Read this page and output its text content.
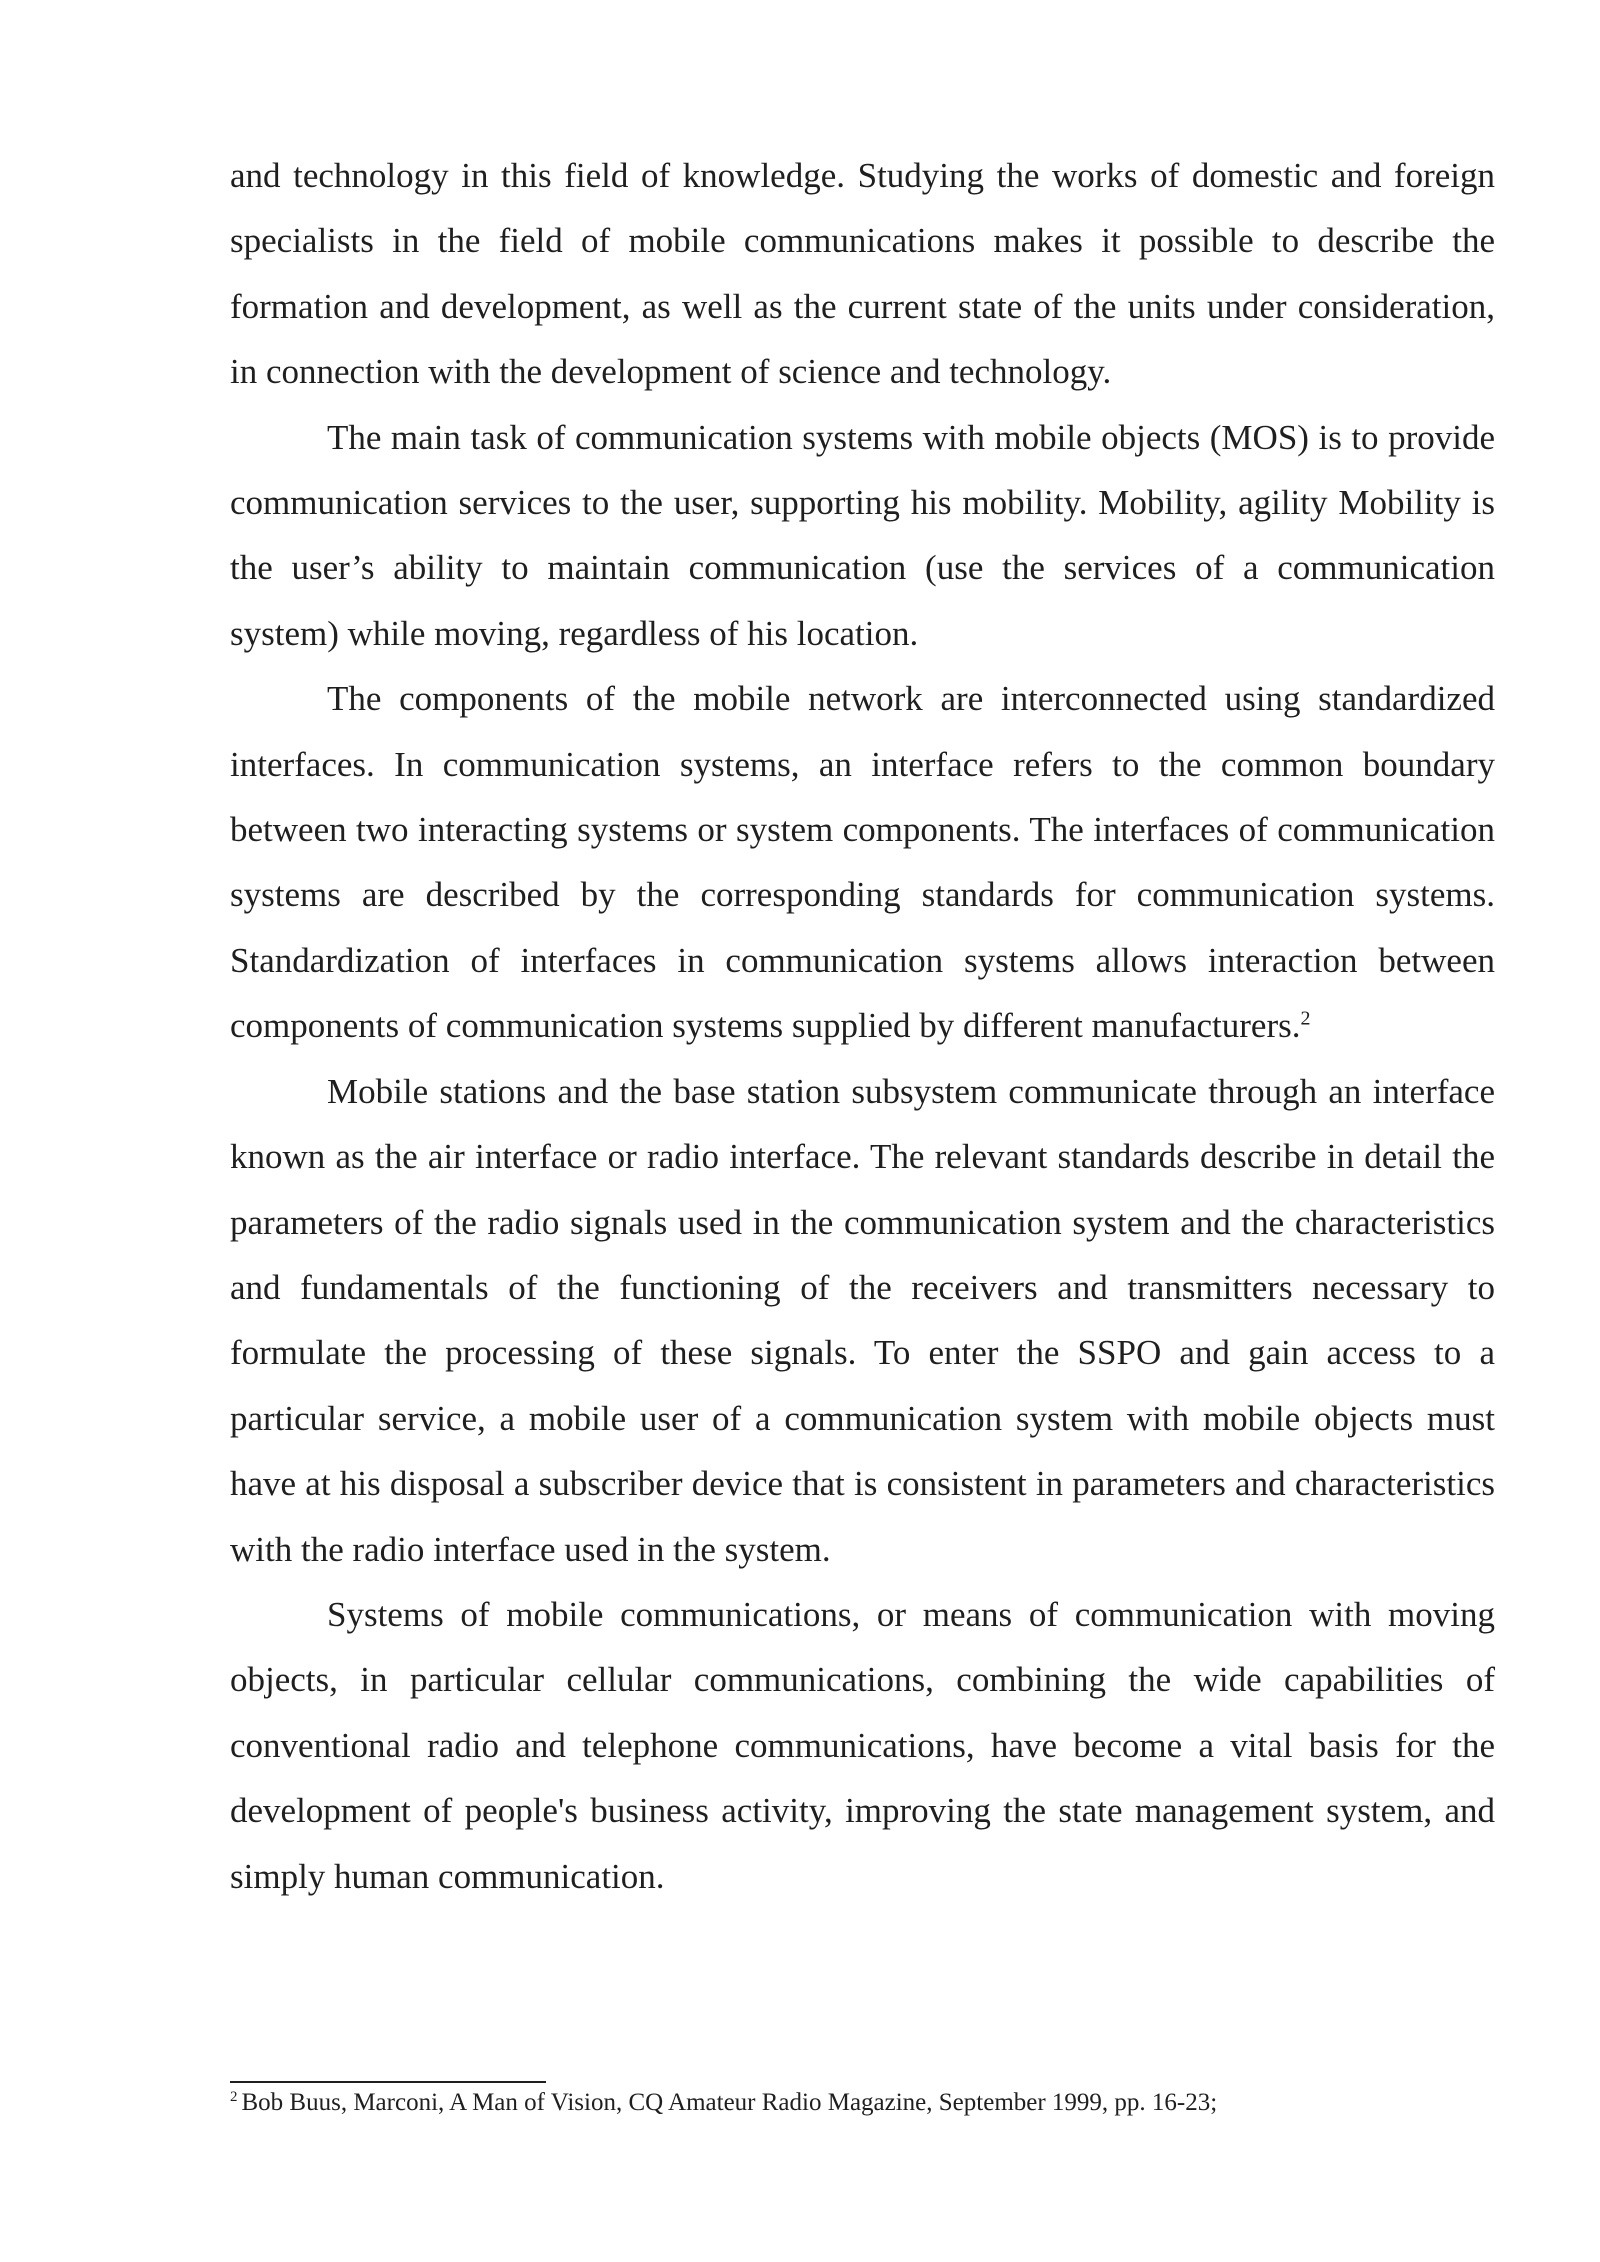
and technology in this field of knowledge. Studying the works of domestic and foreign specialists in the field of mobile communications makes it possible to describe the formation and development, as well as the current state of the units under consideration, in connection with the development of science and technology.

The main task of communication systems with mobile objects (MOS) is to provide communication services to the user, supporting his mobility. Mobility, agility Mobility is the user’s ability to maintain communication (use the services of a communication system) while moving, regardless of his location.

The components of the mobile network are interconnected using standardized interfaces. In communication systems, an interface refers to the common boundary between two interacting systems or system components. The interfaces of communication systems are described by the corresponding standards for communication systems. Standardization of interfaces in communication systems allows interaction between components of communication systems supplied by different manufacturers.$^2$

Mobile stations and the base station subsystem communicate through an interface known as the air interface or radio interface. The relevant standards describe in detail the parameters of the radio signals used in the communication system and the characteristics and fundamentals of the functioning of the receivers and transmitters necessary to formulate the processing of these signals. To enter the SSPO and gain access to a particular service, a mobile user of a communication system with mobile objects must have at his disposal a subscriber device that is consistent in parameters and characteristics with the radio interface used in the system.

Systems of mobile communications, or means of communication with moving objects, in particular cellular communications, combining the wide capabilities of conventional radio and telephone communications, have become a vital basis for the development of people's business activity, improving the state management system, and simply human communication.

$^2$ Bob Buus, Marconi, A Man of Vision, CQ Amateur Radio Magazine, September 1999, pp. 16-23;
